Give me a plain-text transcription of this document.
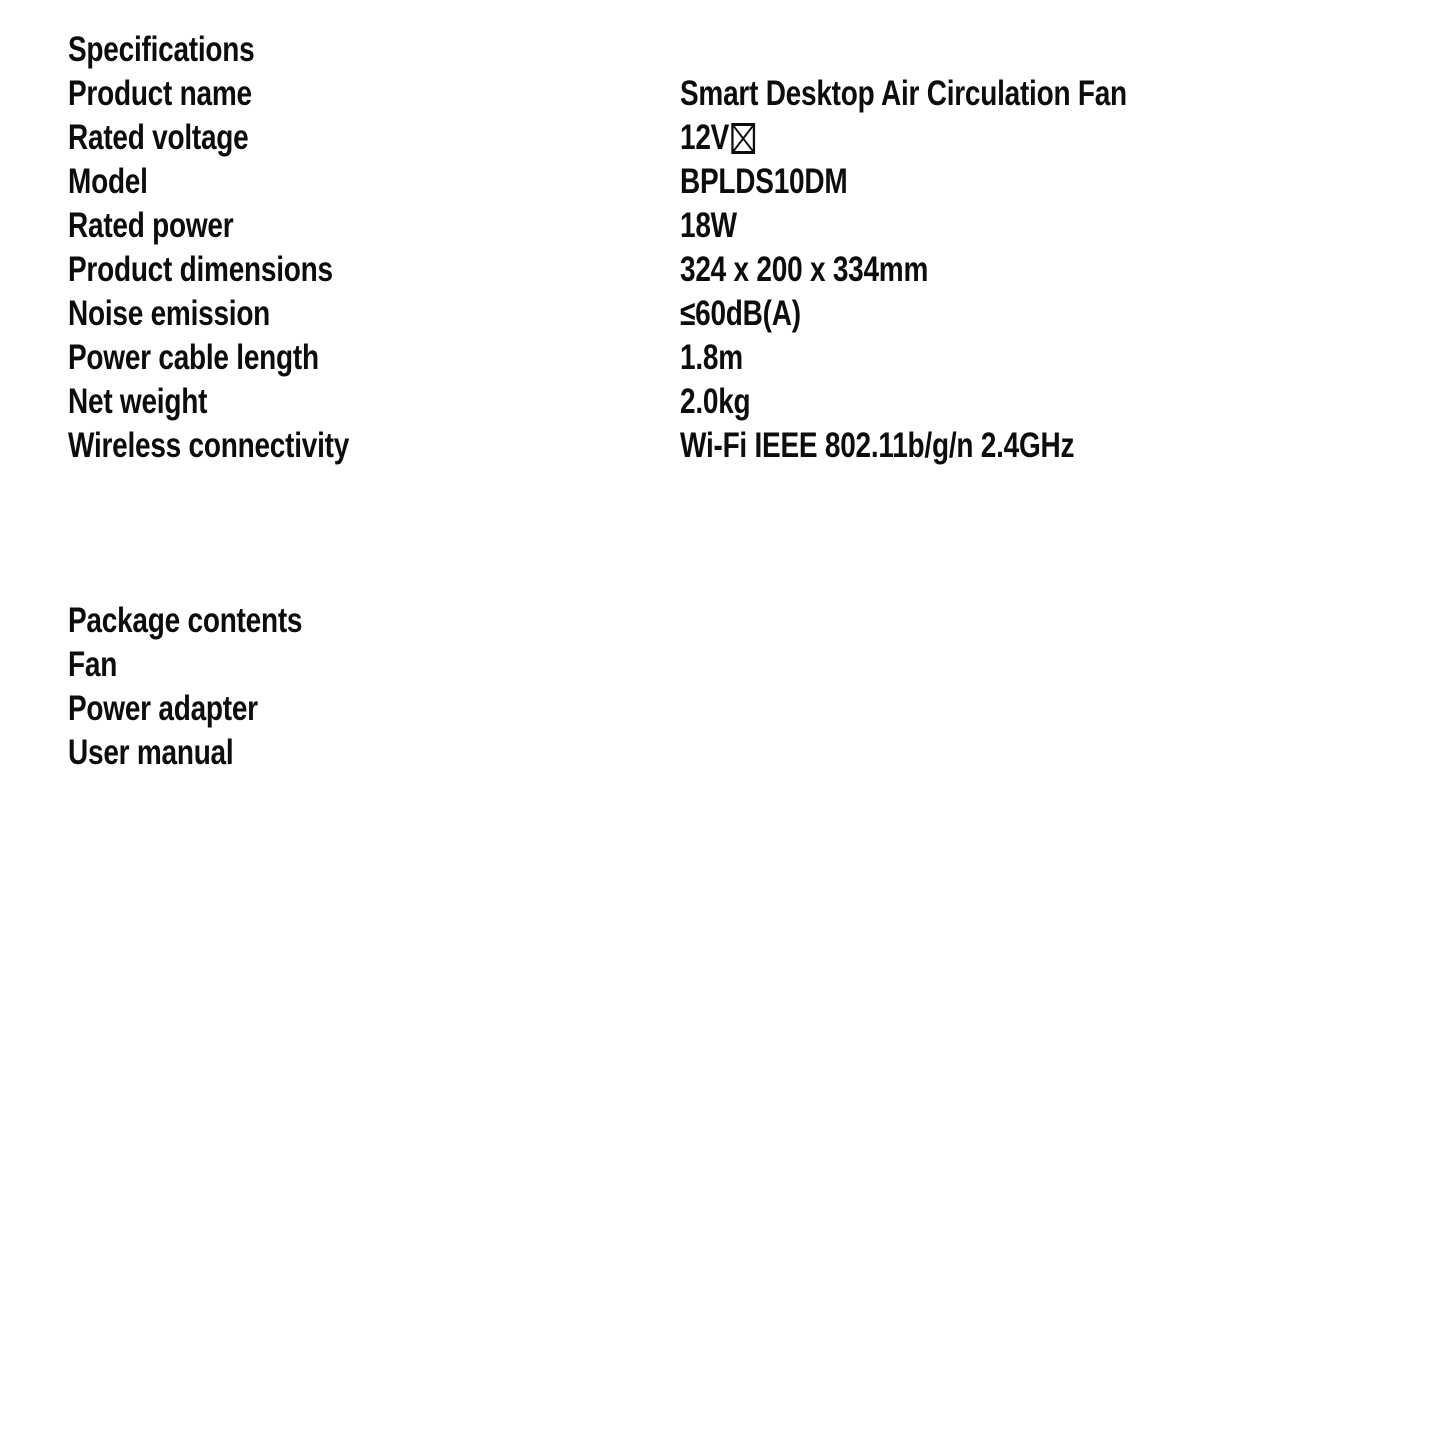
Specifications
Product name	Smart Desktop Air Circulation Fan
Rated voltage	12V
Model	BPLDS10DM
Rated power	18W
Product dimensions	324 x 200 x 334mm
Noise emission	≤60dB(A)
Power cable length	1.8m
Net weight	2.0kg
Wireless connectivity	Wi-Fi IEEE 802.11b/g/n 2.4GHz
Package contents
Fan
Power adapter
User manual
